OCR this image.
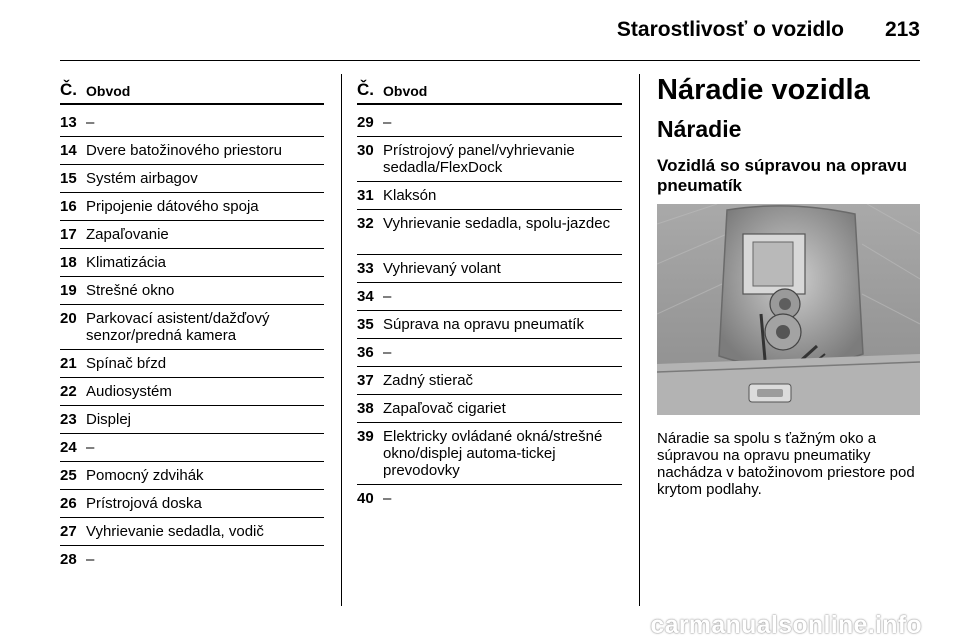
Starostlivosť o vozidlo 213
Č. Obvod
13 –
14 Dvere batožinového priestoru
15 Systém airbagov
16 Pripojenie dátového spoja
17 Zapaľovanie
18 Klimatizácia
19 Strešné okno
20 Parkovací asistent/dažďový senzor/predná kamera
21 Spínač bŕzd
22 Audiosystém
23 Displej
24 –
25 Pomocný zdvihák
26 Prístrojová doska
27 Vyhrievanie sedadla, vodič
28 –
Č. Obvod
29 –
30 Prístrojový panel/vyhrievanie sedadla/FlexDock
31 Klaksón
32 Vyhrievanie sedadla, spolu-jazdec
33 Vyhrievaný volant
34 –
35 Súprava na opravu pneumatík
36 –
37 Zadný stierač
38 Zapaľovač cigariet
39 Elektricky ovládané okná/strešné okno/displej automa-tickej prevodovky
40 –
Náradie vozidla
Náradie
Vozidlá so súpravou na opravu pneumatík
Náradie sa spolu s ťažným oko a súpravou na opravu pneumatiky nachádza v batožinovom priestore pod krytom podlahy.
carmanualsonline.info
